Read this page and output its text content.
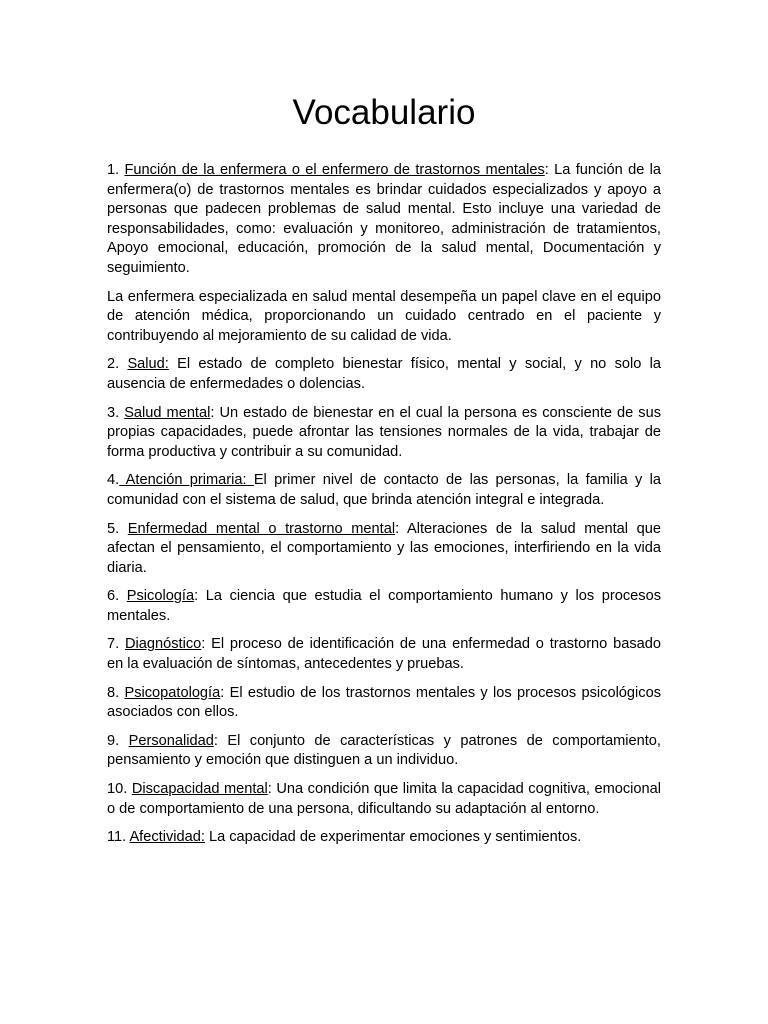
Vocabulario

1. Función de la enfermera o el enfermero de trastornos mentales: La función de la enfermera(o) de trastornos mentales es brindar cuidados especializados y apoyo a personas que padecen problemas de salud mental. Esto incluye una variedad de responsabilidades, como: evaluación y monitoreo, administración de tratamientos, Apoyo emocional, educación, promoción de la salud mental, Documentación y seguimiento.

La enfermera especializada en salud mental desempeña un papel clave en el equipo de atención médica, proporcionando un cuidado centrado en el paciente y contribuyendo al mejoramiento de su calidad de vida.

2. Salud: El estado de completo bienestar físico, mental y social, y no solo la ausencia de enfermedades o dolencias.

3. Salud mental: Un estado de bienestar en el cual la persona es consciente de sus propias capacidades, puede afrontar las tensiones normales de la vida, trabajar de forma productiva y contribuir a su comunidad.

4. Atención primaria: El primer nivel de contacto de las personas, la familia y la comunidad con el sistema de salud, que brinda atención integral e integrada.

5. Enfermedad mental o trastorno mental: Alteraciones de la salud mental que afectan el pensamiento, el comportamiento y las emociones, interfiriendo en la vida diaria.

6. Psicología: La ciencia que estudia el comportamiento humano y los procesos mentales.

7. Diagnóstico: El proceso de identificación de una enfermedad o trastorno basado en la evaluación de síntomas, antecedentes y pruebas.

8. Psicopatología: El estudio de los trastornos mentales y los procesos psicológicos asociados con ellos.

9. Personalidad: El conjunto de características y patrones de comportamiento, pensamiento y emoción que distinguen a un individuo.

10. Discapacidad mental: Una condición que limita la capacidad cognitiva, emocional o de comportamiento de una persona, dificultando su adaptación al entorno.

11. Afectividad: La capacidad de experimentar emociones y sentimientos.
